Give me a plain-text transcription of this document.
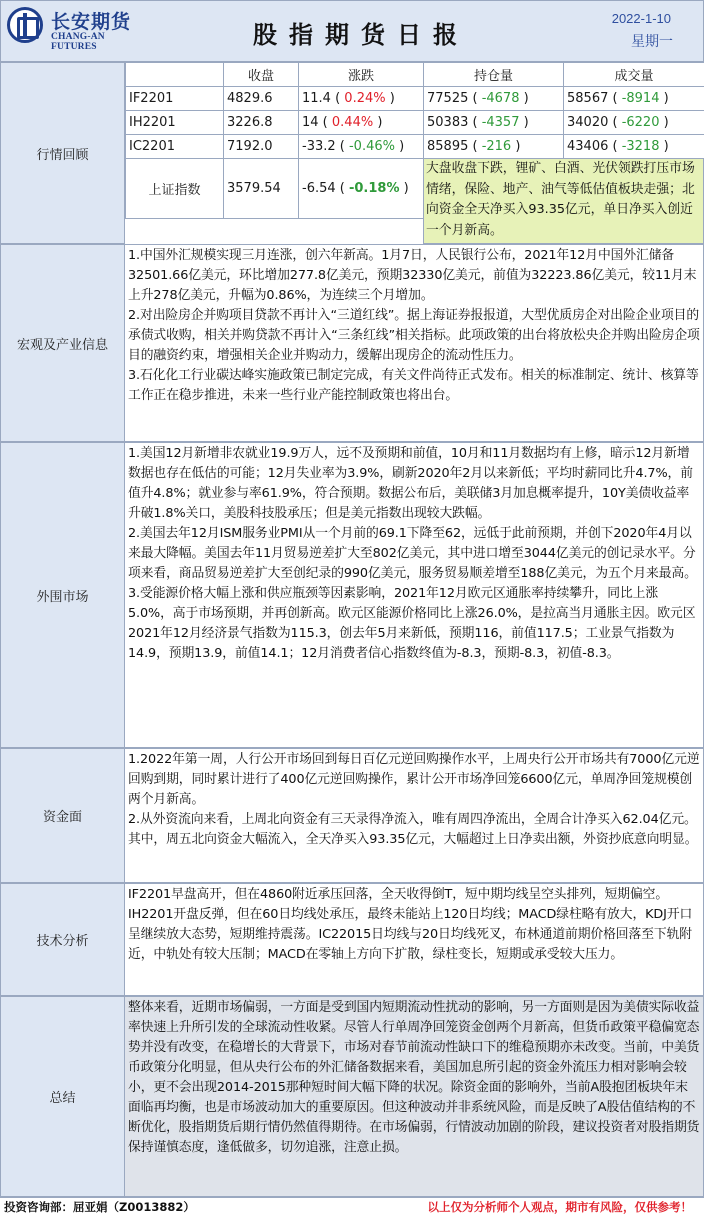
长安期货
CHANG-AN FUTURES	股指期货日报
2022-1-10
星期一
行情回顾
	收盘	涨跌	持仓量	成交量
IF2201	4829.6	11.4 ( 0.24% )	77525 ( -4678 )	58567 ( -8914 )
IH2201	3226.8	14 ( 0.44% )	50383 ( -4357 )	34020 ( -6220 )
IC2201	7192.0	-33.2 ( -0.46% )	85895 ( -216 )	43406 ( -3218 )
上证指数	3579.54	-6.54 ( -0.18% )		
大盘收盘下跌，锂矿、白酒、光伏领跌打压市场情绪，保险、地产、油气等低估值板块走强；北向资金全天净买入93.35亿元，单日净买入创近一个月新高。
宏观及产业信息

1.中国外汇规模实现三月连涨，创六年新高。1月7日，人民银行公布，2021年12月中国外汇储备32501.66亿美元，环比增加277.8亿美元，预期32330亿美元，前值为32223.86亿美元，较11月末上升278亿美元，升幅为0.86%，为连续三个月增加。

2.对出险房企并购项目贷款不再计入“三道红线”。据上海证券报报道，大型优质房企对出险企业项目的承债式收购，相关并购贷款不再计入“三条红线”相关指标。此项政策的出台将放松央企并购出险房企项目的融资约束，增强相关企业并购动力，缓解出现房企的流动性压力。

3.石化化工行业碳达峰实施政策已制定完成，有关文件尚待正式发布。相关的标准制定、统计、核算等工作正在稳步推进，未来一些行业产能控制政策也将出台。

外围市场

1.美国12月新增非农就业19.9万人，远不及预期和前值，10月和11月数据均有上修，暗示12月新增数据也存在低估的可能；12月失业率为3.9%，刷新2020年2月以来新低；平均时薪同比升4.7%，前值升4.8%；就业参与率61.9%，符合预期。数据公布后，美联储3月加息概率提升，10Y美债收益率升破1.8%关口，美股科技股承压；但是美元指数出现较大跌幅。

2.美国去年12月ISM服务业PMI从一个月前的69.1下降至62，远低于此前预期，并创下2020年4月以来最大降幅。美国去年11月贸易逆差扩大至802亿美元，其中进口增至3044亿美元的创记录水平。分项来看，商品贸易逆差扩大至创纪录的990亿美元，服务贸易顺差增至188亿美元，为五个月来最高。

3.受能源价格大幅上涨和供应瓶颈等因素影响，2021年12月欧元区通胀率持续攀升，同比上涨5.0%，高于市场预期，并再创新高。欧元区能源价格同比上涨26.0%，是拉高当月通胀主因。欧元区2021年12月经济景气指数为115.3，创去年5月来新低，预期116，前值117.5；工业景气指数为14.9，预期13.9，前值14.1；12月消费者信心指数终值为-8.3，预期-8.3，初值-8.3。

资金面

1.2022年第一周，人行公开市场回到每日百亿元逆回购操作水平，上周央行公开市场共有7000亿元逆回购到期，同时累计进行了400亿元逆回购操作，累计公开市场净回笼6600亿元，单周净回笼规模创两个月新高。

2.从外资流向来看，上周北向资金有三天录得净流入，唯有周四净流出，全周合计净买入62.04亿元。其中，周五北向资金大幅流入，全天净买入93.35亿元，大幅超过上日净卖出额，外资抄底意向明显。

技术分析

IF2201早盘高开，但在4860附近承压回落，全天收得倒T，短中期均线呈空头排列，短期偏空。IH2201开盘反弹，但在60日均线处承压，最终未能站上120日均线；MACD绿柱略有放大，KDJ开口呈继续放大态势，短期维持震荡。IC22015日均线与20日均线死叉，布林通道前期价格回落至下轨附近，中轨处有较大压制；MACD在零轴上方向下扩散，绿柱变长，短期或承受较大压力。

总结

整体来看，近期市场偏弱，一方面是受到国内短期流动性扰动的影响，另一方面则是因为美债实际收益率快速上升所引发的全球流动性收紧。尽管人行单周净回笼资金创两个月新高，但货币政策平稳偏宽态势并没有改变，在稳增长的大背景下，市场对春节前流动性缺口下的维稳预期亦未改变。当前，中美货币政策分化明显，但从央行公布的外汇储备数据来看，美国加息所引起的资金外流压力相对影响会较小，更不会出现2014-2015那种短时间大幅下降的状况。除资金面的影响外，当前A股抱团板块年末面临再均衡，也是市场波动加大的重要原因。但这种波动并非系统风险，而是反映了A股估值结构的不断优化，股指期货后期行情仍然值得期待。在市场偏弱，行情波动加剧的阶段，建议投资者对股指期货保持谨慎态度，逢低做多，切勿追涨，注意止损。

投资咨询部：屈亚娟（Z0013882）	以上仅为分析师个人观点，期市有风险，仅供参考！
